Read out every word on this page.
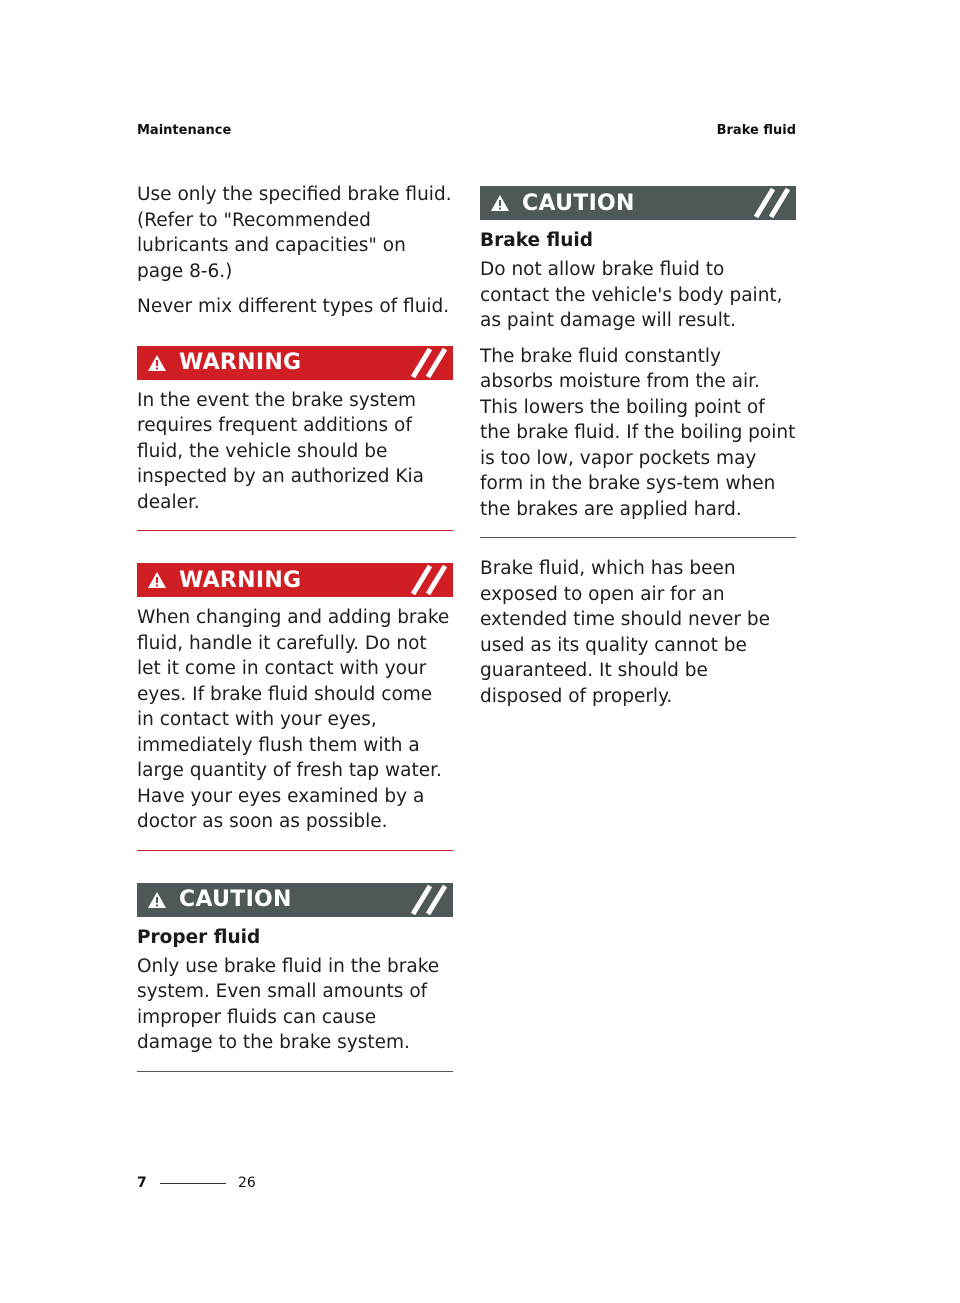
Maintenance	Brake fluid

Use only the specified brake fluid. (Refer to "Recommended lubricants and capacities" on page 8-6.)

Never mix different types of fluid.

WARNING

In the event the brake system requires frequent additions of fluid, the vehicle should be inspected by an authorized Kia dealer.

WARNING

When changing and adding brake fluid, handle it carefully. Do not let it come in contact with your eyes. If brake fluid should come in contact with your eyes, immediately flush them with a large quantity of fresh tap water. Have your eyes examined by a doctor as soon as possible.

CAUTION
Proper fluid

Only use brake fluid in the brake system. Even small amounts of improper fluids can cause damage to the brake system.

CAUTION
Brake fluid

Do not allow brake fluid to contact the vehicle's body paint, as paint damage will result.

The brake fluid constantly absorbs moisture from the air. This lowers the boiling point of the brake fluid. If the boiling point is too low, vapor pockets may form in the brake sys-tem when the brakes are applied hard.

Brake fluid, which has been exposed to open air for an extended time should never be used as its quality cannot be guaranteed. It should be disposed of properly.

7	26
